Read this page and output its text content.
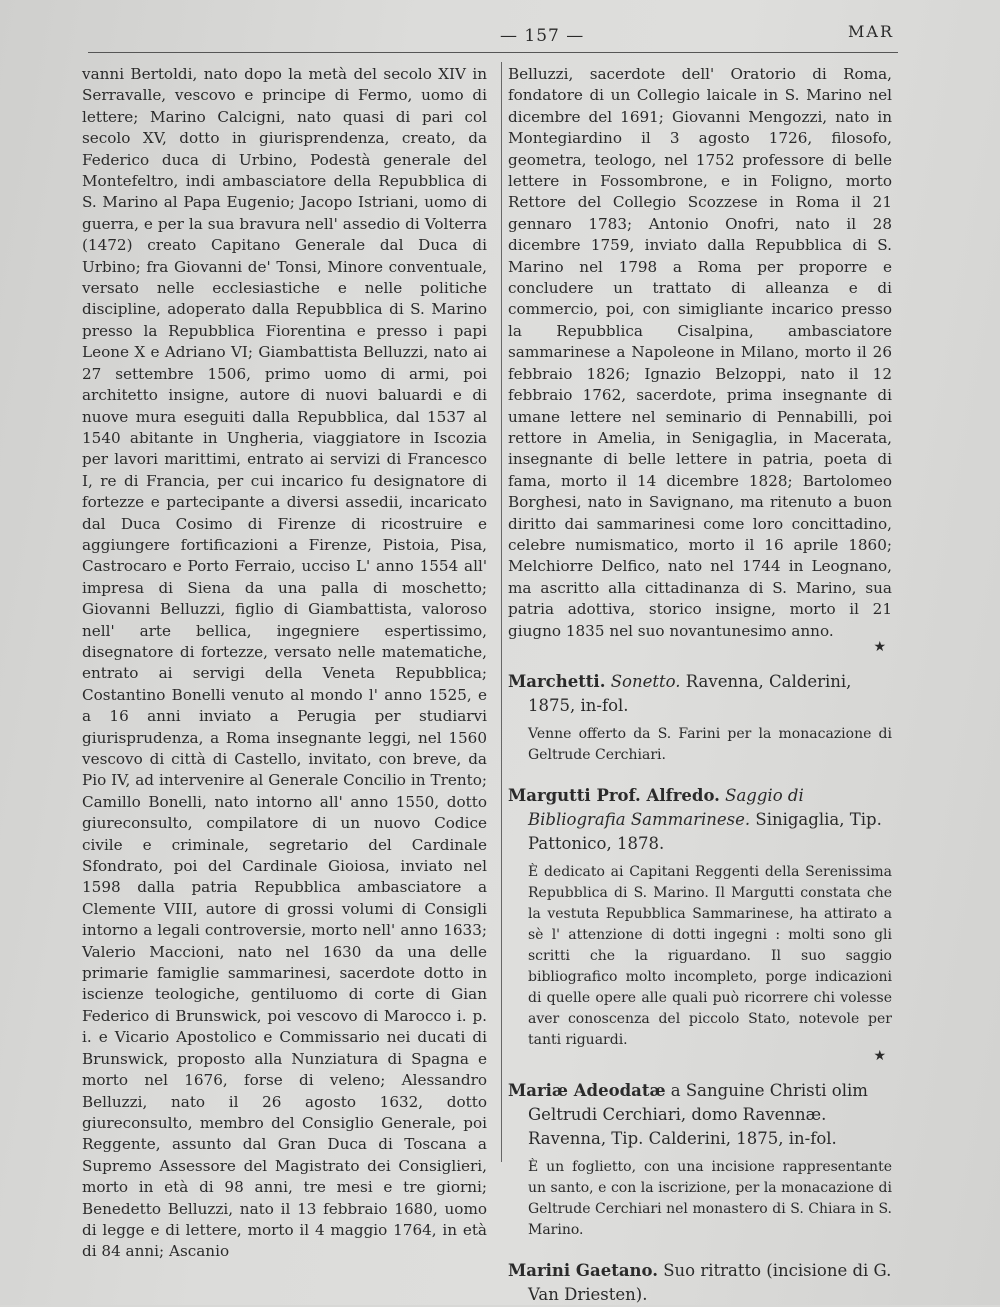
— 157 —	MAR

vanni Bertoldi, nato dopo la metà del secolo XIV in Serravalle, vescovo e principe di Fermo, uomo di lettere; Marino Calcigni, nato quasi di pari col secolo XV, dotto in giurisprendenza, creato, da Federico duca di Urbino, Podestà generale del Montefeltro, indi ambasciatore della Repubblica di S. Marino al Papa Eugenio; Jacopo Istriani, uomo di guerra, e per la sua bravura nell' assedio di Volterra (1472) creato Capitano Generale dal Duca di Urbino; fra Giovanni de' Tonsi, Minore conventuale, versato nelle ecclesiastiche e nelle politiche discipline, adoperato dalla Repubblica di S. Marino presso la Repubblica Fiorentina e presso i papi Leone X e Adriano VI; Giambattista Belluzzi, nato ai 27 settembre 1506, primo uomo di armi, poi architetto insigne, autore di nuovi baluardi e di nuove mura eseguiti dalla Repubblica, dal 1537 al 1540 abitante in Ungheria, viaggiatore in Iscozia per lavori marittimi, entrato ai servizi di Francesco I, re di Francia, per cui incarico fu designatore di fortezze e partecipante a diversi assedii, incaricato dal Duca Cosimo di Firenze di ricostruire e aggiungere fortificazioni a Firenze, Pistoia, Pisa, Castrocaro e Porto Ferraio, ucciso L' anno 1554 all' impresa di Siena da una palla di moschetto; Giovanni Belluzzi, figlio di Giambattista, valoroso nell' arte bellica, ingegniere espertissimo, disegnatore di fortezze, versato nelle matematiche, entrato ai servigi della Veneta Repubblica; Costantino Bonelli venuto al mondo l' anno 1525, e a 16 anni inviato a Perugia per studiarvi giurisprudenza, a Roma insegnante leggi, nel 1560 vescovo di città di Castello, invitato, con breve, da Pio IV, ad intervenire al Generale Concilio in Trento; Camillo Bonelli, nato intorno all' anno 1550, dotto giureconsulto, compilatore di un nuovo Codice civile e criminale, segretario del Cardinale Sfondrato, poi del Cardinale Gioiosa, inviato nel 1598 dalla patria Repubblica ambasciatore a Clemente VIII, autore di grossi volumi di Consigli intorno a legali controversie, morto nell' anno 1633; Valerio Maccioni, nato nel 1630 da una delle primarie famiglie sammarinesi, sacerdote dotto in iscienze teologiche, gentiluomo di corte di Gian Federico di Brunswick, poi vescovo di Marocco i. p. i. e Vicario Apostolico e Commissario nei ducati di Brunswick, proposto alla Nunziatura di Spagna e morto nel 1676, forse di veleno; Alessandro Belluzzi, nato il 26 agosto 1632, dotto giureconsulto, membro del Consiglio Generale, poi Reggente, assunto dal Gran Duca di Toscana a Supremo Assessore del Magistrato dei Consiglieri, morto in età di 98 anni, tre mesi e tre giorni; Benedetto Belluzzi, nato il 13 febbraio 1680, uomo di legge e di lettere, morto il 4 maggio 1764, in età di 84 anni; Ascanio

Belluzzi, sacerdote dell' Oratorio di Roma, fondatore di un Collegio laicale in S. Marino nel dicembre del 1691; Giovanni Mengozzi, nato in Montegiardino il 3 agosto 1726, filosofo, geometra, teologo, nel 1752 professore di belle lettere in Fossombrone, e in Foligno, morto Rettore del Collegio Scozzese in Roma il 21 gennaro 1783; Antonio Onofri, nato il 28 dicembre 1759, inviato dalla Repubblica di S. Marino nel 1798 a Roma per proporre e concludere un trattato di alleanza e di commercio, poi, con simigliante incarico presso la Repubblica Cisalpina, ambasciatore sammarinese a Napoleone in Milano, morto il 26 febbraio 1826; Ignazio Belzoppi, nato il 12 febbraio 1762, sacerdote, prima insegnante di umane lettere nel seminario di Pennabilli, poi rettore in Amelia, in Senigaglia, in Macerata, insegnante di belle lettere in patria, poeta di fama, morto il 14 dicembre 1828; Bartolomeo Borghesi, nato in Savignano, ma ritenuto a buon diritto dai sammarinesi come loro concittadino, celebre numismatico, morto il 16 aprile 1860; Melchiorre Delfico, nato nel 1744 in Leognano, ma ascritto alla cittadinanza di S. Marino, sua patria adottiva, storico insigne, morto il 21 giugno 1835 nel suo novantunesimo anno.

★
Marchetti. Sonetto. Ravenna, Calderini, 1875, in-fol.
Venne offerto da S. Farini per la monacazione di Geltrude Cerchiari.
Margutti Prof. Alfredo. Saggio di Bibliografia Sammarinese. Sinigaglia, Tip. Pattonico, 1878.
È dedicato ai Capitani Reggenti della Serenissima Repubblica di S. Marino. Il Margutti constata che la vestuta Repubblica Sammarinese, ha attirato a sè l' attenzione di dotti ingegni : molti sono gli scritti che la riguardano. Il suo saggio bibliografico molto incompleto, porge indicazioni di quelle opere alle quali può ricorrere chi volesse aver conoscenza del piccolo Stato, notevole per tanti riguardi.
★
Mariæ Adeodatæ a Sanguine Christi olim Geltrudi Cerchiari, domo Ravennæ. Ravenna, Tip. Calderini, 1875, in-fol.
È un foglietto, con una incisione rappresentante un santo, e con la iscrizione, per la monacazione di Geltrude Cerchiari nel monastero di S. Chiara in S. Marino.
Marini Gaetano. Suo ritratto (incisione di G. Van Driesten).
